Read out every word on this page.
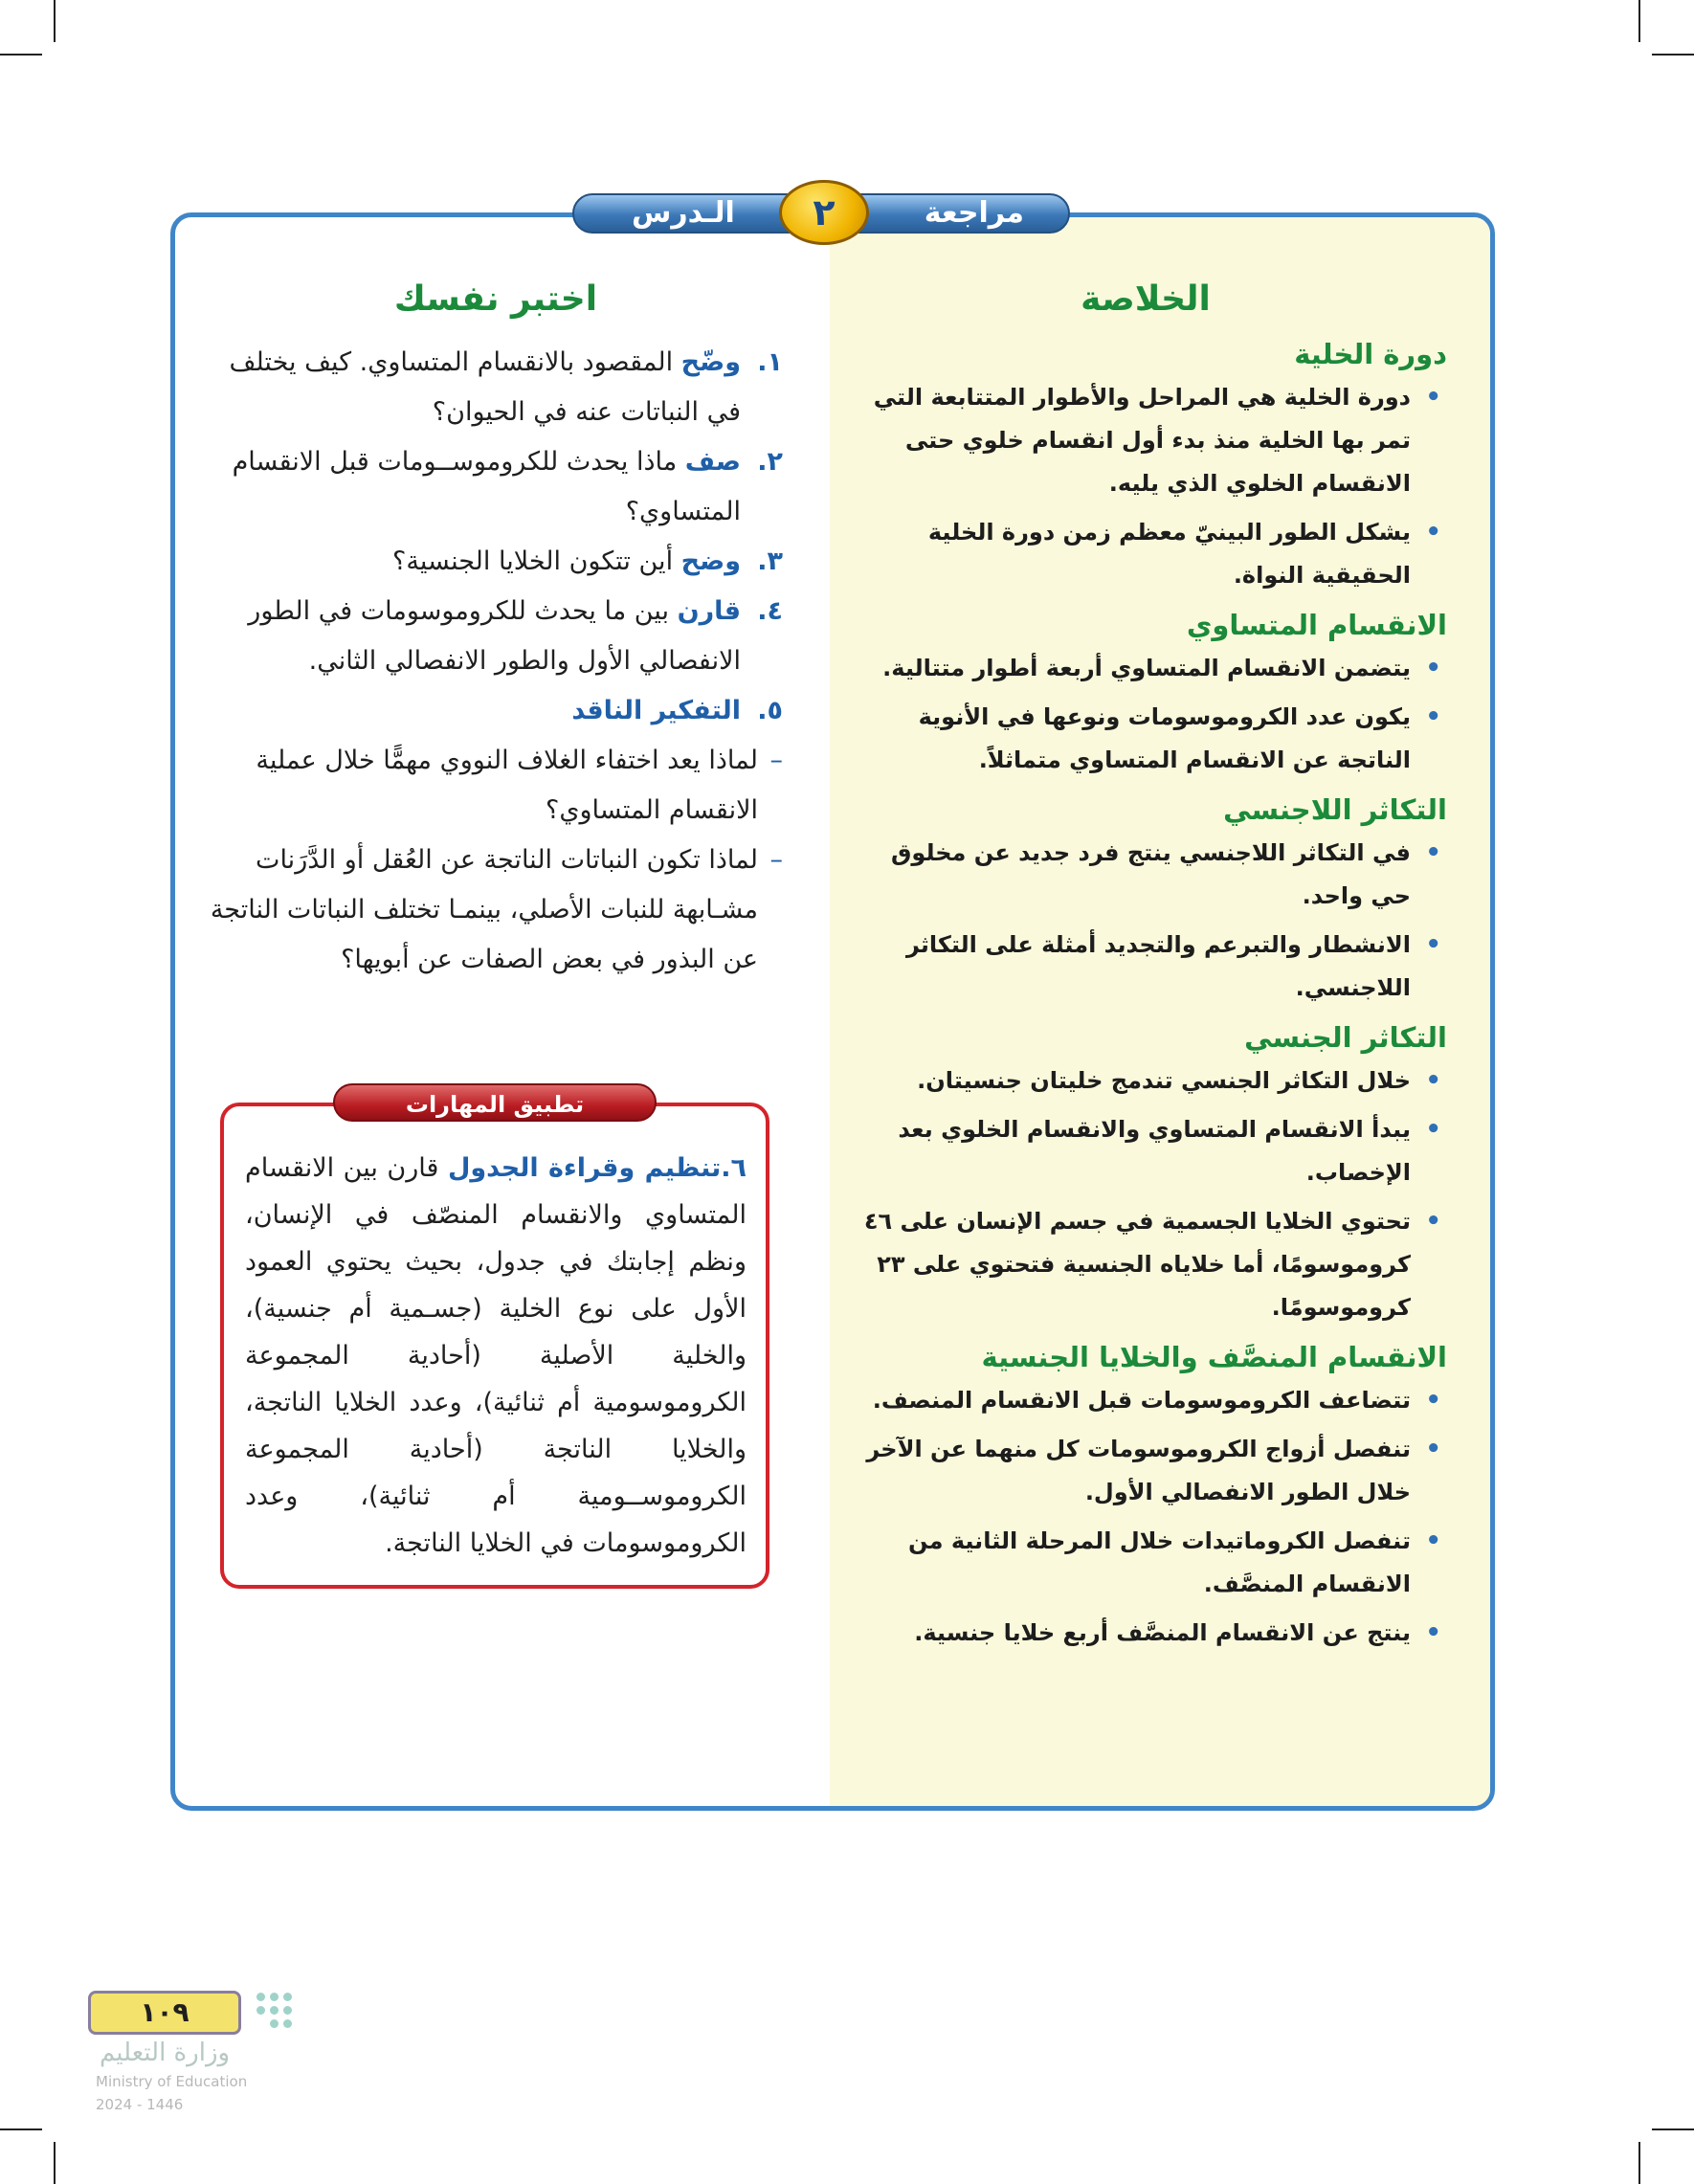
الـدرس	٢	مراجعة
الخلاصة
دورة الخلية
• دورة الخلية هي المراحل والأطوار المتتابعة التي تمر بها الخلية منذ بدء أول انقسام خلوي حتى الانقسام الخلوي الذي يليه.
• يشكل الطور البينيّ معظم زمن دورة الخلية الحقيقية النواة.
الانقسام المتساوي
• يتضمن الانقسام المتساوي أربعة أطوار متتالية.
• يكون عدد الكروموسومات ونوعها في الأنوية الناتجة عن الانقسام المتساوي متماثلاً.
التكاثر اللاجنسي
• في التكاثر اللاجنسي ينتج فرد جديد عن مخلوق حي واحد.
• الانشطار والتبرعم والتجديد أمثلة على التكاثر اللاجنسي.
التكاثر الجنسي
• خلال التكاثر الجنسي تندمج خليتان جنسيتان.
• يبدأ الانقسام المتساوي والانقسام الخلوي بعد الإخصاب.
• تحتوي الخلايا الجسمية في جسم الإنسان على ٤٦ كروموسومًا، أما خلاياه الجنسية فتحتوي على ٢٣ كروموسومًا.
الانقسام المنصَّف والخلايا الجنسية
• تتضاعف الكروموسومات قبل الانقسام المنصف.
• تنفصل أزواج الكروموسومات كل منهما عن الآخر خلال الطور الانفصالي الأول.
• تنفصل الكروماتيدات خلال المرحلة الثانية من الانقسام المنصَّف.
• ينتج عن الانقسام المنصَّف أربع خلايا جنسية.
اختبر نفسك

١.
وضّح المقصود بالانقسام المتساوي. كيف يختلف في النباتات عنه في الحيوان؟

٢.
صف ماذا يحدث للكروموســومات قبل الانقسام المتساوي؟

٣.
وضح أين تتكون الخلايا الجنسية؟

٤.
قارن بين ما يحدث للكروموسومات في الطور الانفصالي الأول والطور الانفصالي الثاني.

٥.
التفكير الناقد

– لماذا يعد اختفاء الغلاف النووي مهمًّا خلال عملية الانقسام المتساوي؟
– لماذا تكون النباتات الناتجة عن العُقل أو الدَّرَنات مشـابهة للنبات الأصلي، بينمـا تختلف النباتات الناتجة عن البذور في بعض الصفات عن أبويها؟
تطبيق المهارات
٦.تنظيم وقراءة الجدول قارن بين الانقسام المتساوي والانقسام المنصّف في الإنسان، ونظم إجابتك في جدول، بحيث يحتوي العمود الأول على نوع الخلية (جسـمية أم جنسية)، والخلية الأصلية (أحادية المجموعة الكروموسومية أم ثنائية)، وعدد الخلايا الناتجة، والخلايا الناتجة (أحادية المجموعة الكروموســومية أم ثنائية)، وعدد الكروموسومات في الخلايا الناتجة.
١٠٩
وزارة التعليم
Ministry of Education
2024 - 1446
